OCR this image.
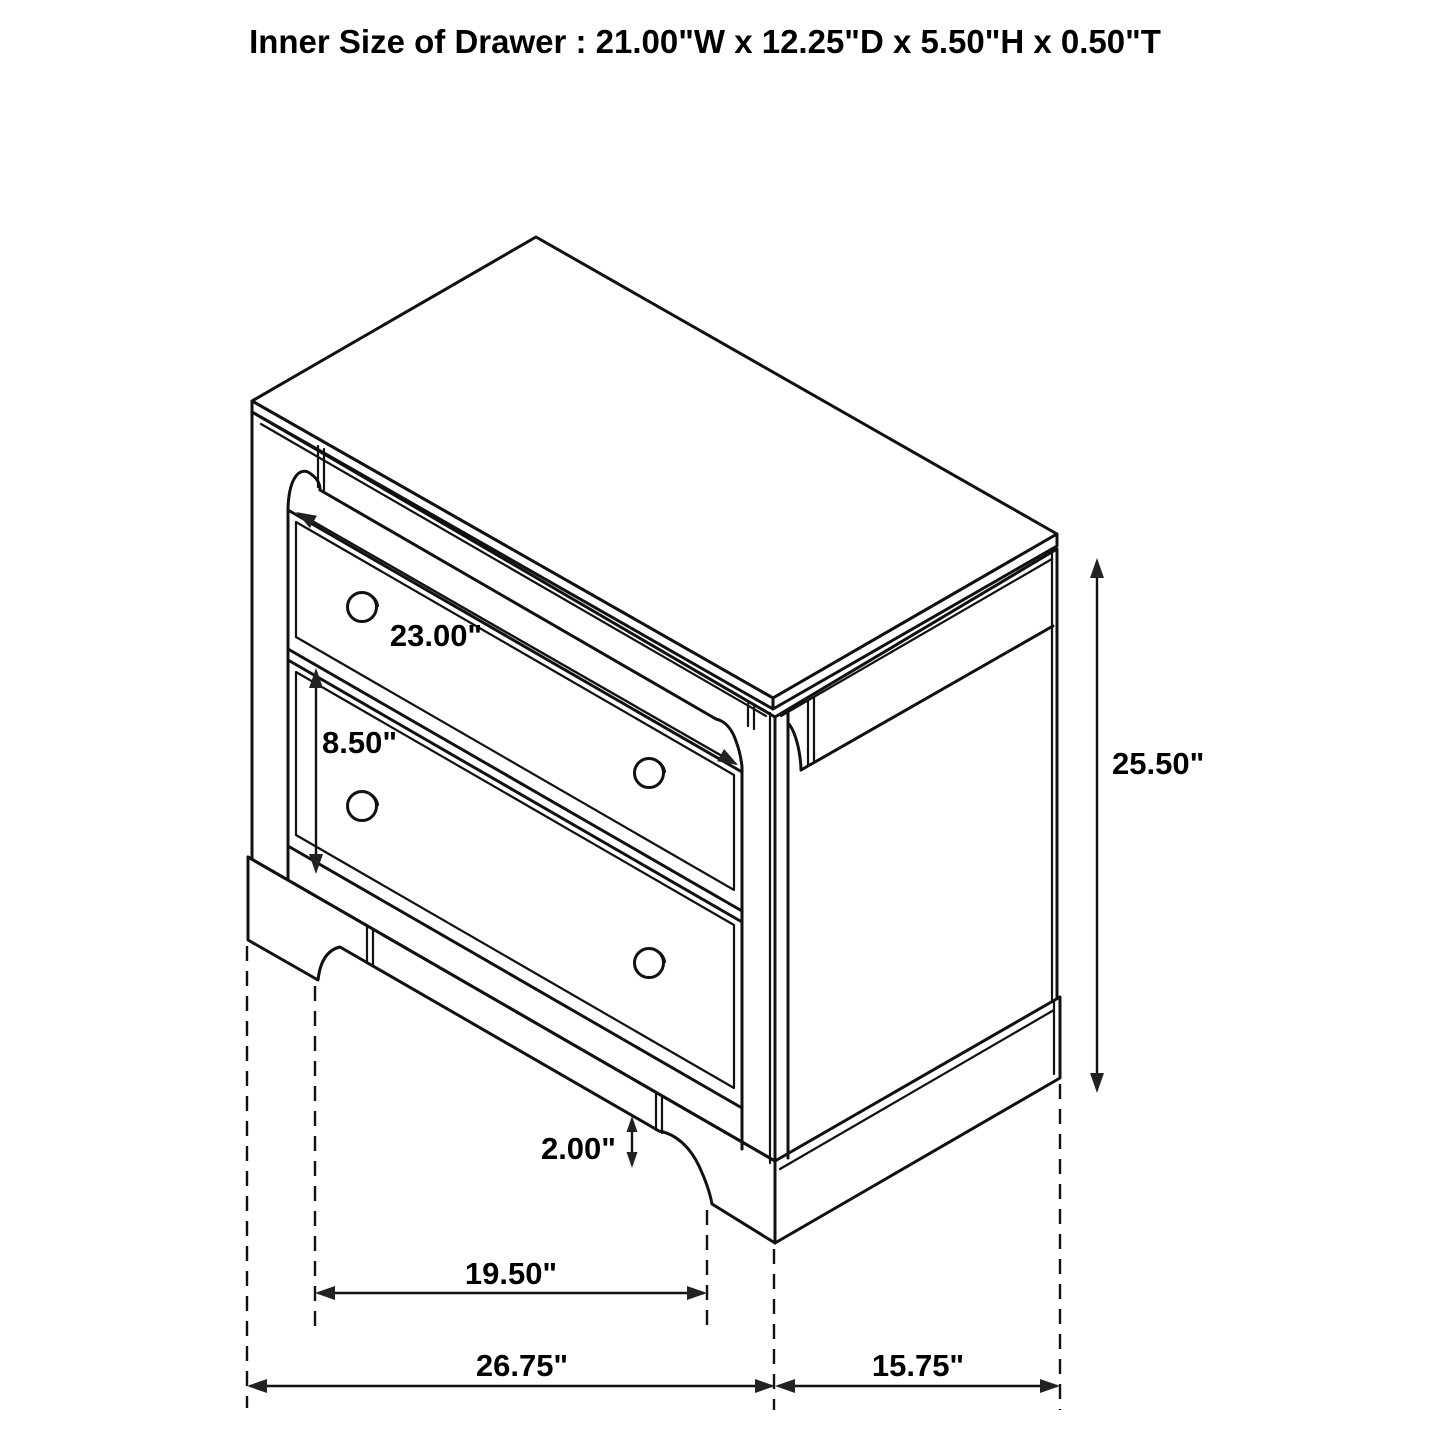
23.00"
8.50"
25.50"
2.00"
19.50"
26.75"	15.75"
Inner Size of Drawer : 21.00"W x 12.25"D x 5.50"H x 0.50"T
